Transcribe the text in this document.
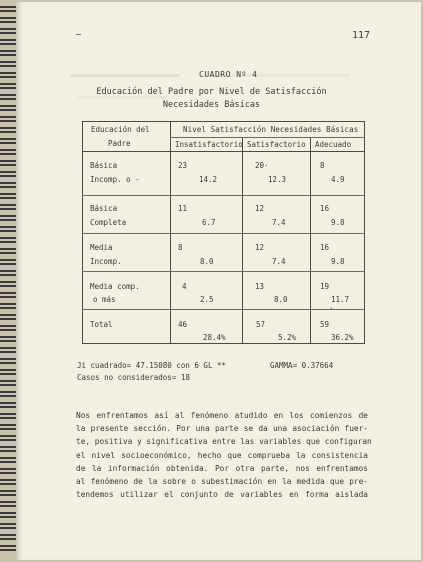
117
CUADRO Nº 4
Educación del Padre por Nivel de Satisfacción
Necesidades Básicas
Educación del
Padre
Nivel Satisfacción Necesidades Básicas
Insatisfactorio Satisfactorio Adecuado
Básica
Incomp. o -
23
14.2
20·
12.3
8
4.9
Básica
Completa
11
6.7
12
7.4
16
9.8
Media
Incomp.
8
8.0
12
7.4
16
9.8
Media comp.
o más
4
2.5
13
8.0
19
11.7
·
Total	46
28.4%
57
5.2%
59
36.2%
Ji cuadrado= 47.15080 con 6 GL **	GAMMA= 0.37664
Casos no considerados= 18
Nos enfrentamos así al fenómeno atudido en los comienzos de
la presente sección. Por una parte se da una asociación fuer-
te, positiva y significativa entre las variables que configuran
el nivel socioeconómico, hecho que comprueba la consistencia
de la información obtenida. Por otra parte, nos enfrentamos
al fenómeno de la sobre o subestimación en la medida que pre-
tendemos utilizar el conjunto de variables en forma aislada
